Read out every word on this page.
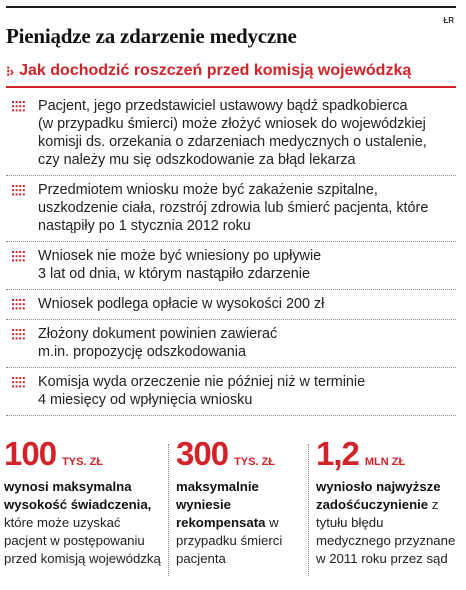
ŁR
Pieniądze za zdarzenie medyczne
⁝› Jak dochodzić roszczeń przed komisją wojewódzką
Pacjent, jego przedstawiciel ustawowy bądź spadkobierca
(w przypadku śmierci) może złożyć wniosek do wojewódzkiej
komisji ds. orzekania o zdarzeniach medycznych o ustalenie,
czy należy mu się odszkodowanie za błąd lekarza
Przedmiotem wniosku może być zakażenie szpitalne,
uszkodzenie ciała, rozstrój zdrowia lub śmierć pacjenta, które
nastąpiły po 1 stycznia 2012 roku
Wniosek nie może być wniesiony po upływie
3 lat od dnia, w którym nastąpiło zdarzenie
Wniosek podlega opłacie w wysokości 200 zł
Złożony dokument powinien zawierać
m.in. propozycję odszkodowania
Komisja wyda orzeczenie nie później niż w terminie
4 miesięcy od wpłynięcia wniosku
100 TYS. ZŁ
wynosi maksymalna wysokość świadczenia, które może uzyskać pacjent w postępowaniu przed komisją wojewódzką
300 TYS. ZŁ
maksymalnie wyniesie rekompensata w przypadku śmierci pacjenta
1,2 MLN ZŁ
wyniosło najwyższe zadośćuczynienie z tytułu błędu medycznego przyznane w 2011 roku przez sąd
